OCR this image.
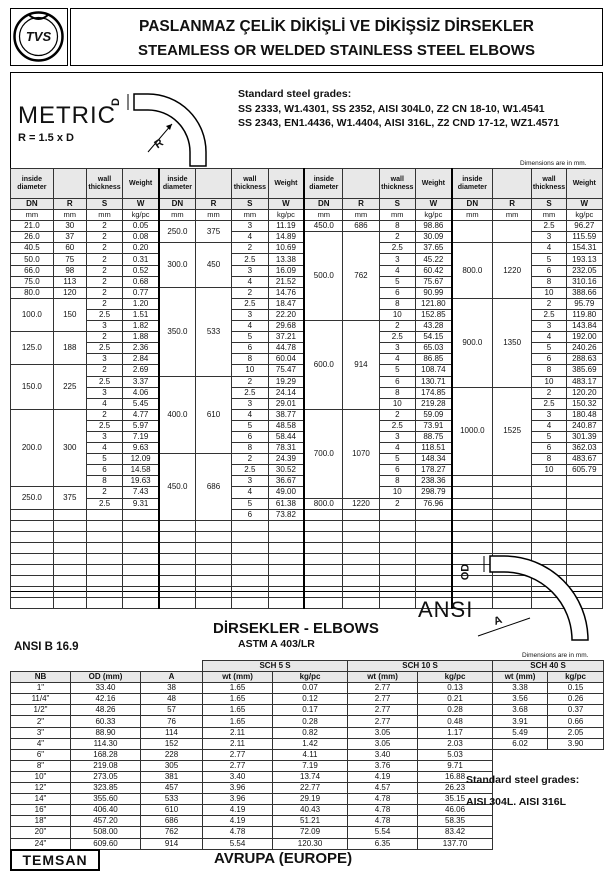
TVS
PASLANMAZ ÇELİK DİKİŞLİ VE DİKİŞSİZ DİRSEKLER
STEAMLESS OR WELDED STAINLESS STEEL ELBOWS
METRIC
R = 1.5 x D
D
R
Standard steel grades:
SS 2333, W1.4301, SS 2352, AISI 304L0, Z2 CN 18-10, W1.4541
SS 2343, EN1.4436, W1.4404, AISI 316L, Z2 CND 17-12, WZ1.4571
Dimensions are in mm.
inside diameter		wall thickness	Weight	inside diameter		wall thickness	Weight	inside diameter		wall thickness	Weight	inside diameter		wall thickness	Weight
DN	R	S	W	DN	R	S	W	DN	R	S	W	DN	R	S	W
mm	mm	mm	kg/pc	mm	mm	mm	kg/pc	mm	mm	mm	kg/pc	mm	mm	mm	kg/pc
21.0	30	2	0.05	250.0	375	3	11.19	450.0	686	8	98.86			2.5	96.27
26.0	37	2	0.08			4	14.89	500.0	762	2	30.09			3	115.59
40.5	60	2	0.20	300.0	450	2	10.69			2.5	37.65	800.0	1220	4	154.31
50.0	75	2	0.31			2.5	13.38			3	45.22			5	193.13
66.0	98	2	0.52			3	16.09			4	60.42			6	232.05
75.0	113	2	0.68			4	21.52			5	75.67			8	310.16
80.0	120	2	0.77	350.0	533	2	14.76			6	90.99			10	388.66
100.0	150	2	1.20			2.5	18.47			8	121.80	900.0	1350	2	95.79
		2.5	1.51			3	22.20			10	152.85			2.5	119.80
		3	1.82			4	29.68	600.0	914	2	43.28			3	143.84
125.0	188	2	1.88			5	37.21			2.5	54.15			4	192.00
		2.5	2.36			6	44.78			3	65.03			5	240.26
		3	2.84			8	60.04			4	86.85			6	288.63
150.0	225	2	2.69			10	75.47			5	108.74			8	385.69
		2.5	3.37	400.0	610	2	19.29			6	130.71			10	483.17
		3	4.06			2.5	24.14			8	174.85	1000.0	1525	2	120.20
		4	5.45			3	29.01			10	219.28			2.5	150.32
200.0	300	2	4.77			4	38.77	700.0	1070	2	59.09			3	180.48
		2.5	5.97			5	48.58			2.5	73.91			4	240.87
		3	7.19			6	58.44			3	88.75			5	301.39
		4	9.63			8	78.31			4	118.51			6	362.03
		5	12.09	450.0	686	2	24.39			5	148.34			8	483.67
		6	14.58			2.5	30.52			6	178.27			10	605.79
		8	19.63			3	36.67			8	238.36				
250.0	375	2	7.43			4	49.00			10	298.79				
		2.5	9.31			5	61.38	800.0	1220	2	76.96				
						6	73.82								

OD
A
ANSI
DİRSEKLER - ELBOWS
ASTM A 403/LR
ANSI B 16.9
Dimensions are in mm.
			SCH 5 S		SCH 10 S		SCH 40 S	
NB	OD (mm)	A	wt (mm)	kg/pc	wt (mm)	kg/pc	wt (mm)	kg/pc
1"	33.40	38	1.65	0.07	2.77	0.13	3.38	0.15
11/4"	42.16	48	1.65	0.12	2.77	0.21	3.56	0.26
1/2"	48.26	57	1.65	0.17	2.77	0.28	3.68	0.37
2"	60.33	76	1.65	0.28	2.77	0.48	3.91	0.66
3"	88.90	114	2.11	0.82	3.05	1.17	5.49	2.05
4"	114.30	152	2.11	1.42	3.05	2.03	6.02	3.90
6"	168.28	228	2.77	4.11	3.40	5.03		
8"	219.08	305	2.77	7.19	3.76	9.71		
10"	273.05	381	3.40	13.74	4.19	16.88		
12"	323.85	457	3.96	22.77	4.57	26.23		
14"	355.60	533	3.96	29.19	4.78	35.15		
16"	406.40	610	4.19	40.43	4.78	46.06		
18"	457.20	686	4.19	51.21	4.78	58.35		
20"	508.00	762	4.78	72.09	5.54	83.42		
24"	609.60	914	5.54	120.30	6.35	137.70		
Standard steel grades:
AISI 304L. AISI 316L
TEMSAN	AVRUPA (EUROPE)
